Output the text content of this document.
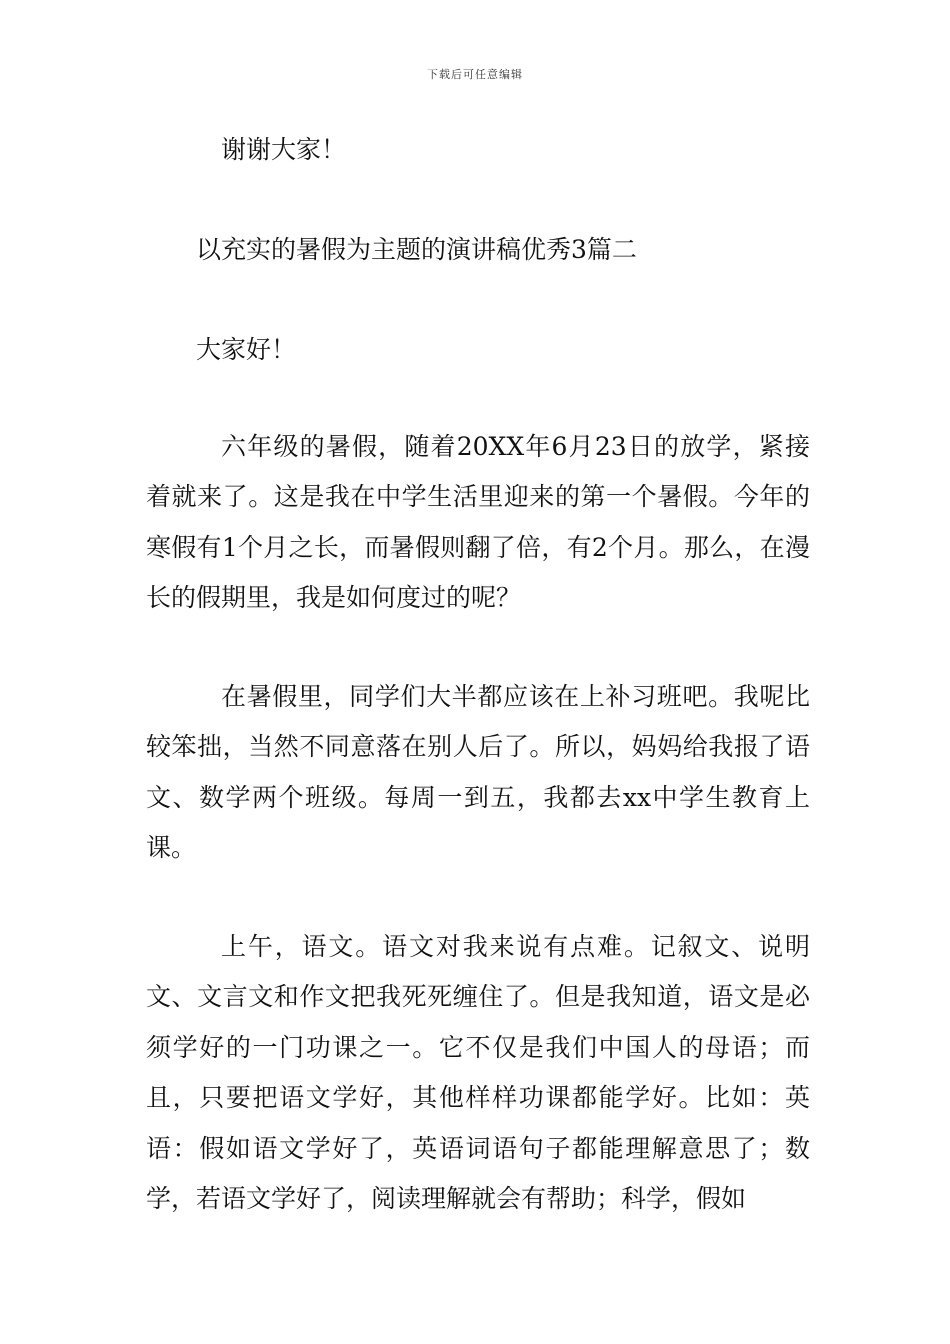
下载后可任意编辑
谢谢大家！
以充实的暑假为主题的演讲稿优秀3篇二
大家好！
六年级的暑假，随着20XX年6月23日的放学，紧接着就来了。这是我在中学生活里迎来的第一个暑假。今年的寒假有1个月之长，而暑假则翻了倍，有2个月。那么，在漫长的假期里，我是如何度过的呢？
在暑假里，同学们大半都应该在上补习班吧。我呢比较笨拙，当然不同意落在别人后了。所以，妈妈给我报了语文、数学两个班级。每周一到五，我都去xx中学生教育上课。
上午，语文。语文对我来说有点难。记叙文、说明文、文言文和作文把我死死缠住了。但是我知道，语文是必须学好的一门功课之一。它不仅是我们中国人的母语；而且，只要把语文学好，其他样样功课都能学好。比如：英语：假如语文学好了，英语词语句子都能理解意思了；数学，若语文学好了，阅读理解就会有帮助；科学，假如
